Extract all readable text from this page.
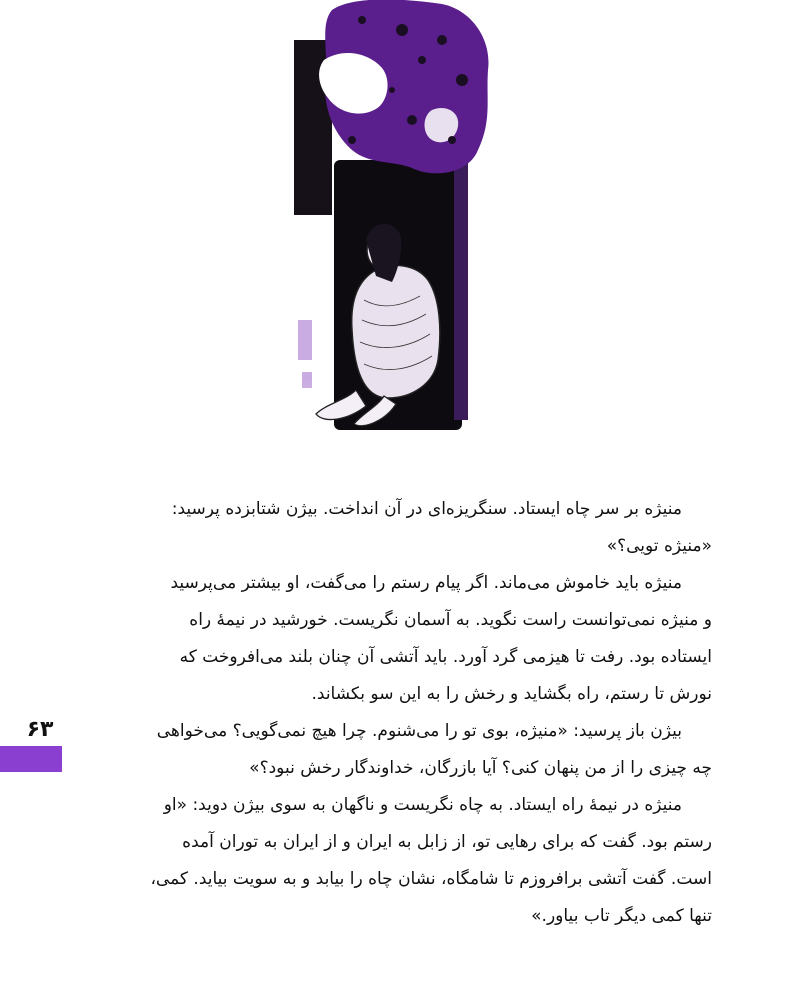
منیژه بر سر چاه ایستاد. سنگریزه‌ای در آن انداخت. بیژن شتابزده پرسید:
«منیژه تویی؟»
منیژه باید خاموش می‌ماند. اگر پیام رستم را می‌گفت، او بیشتر می‌پرسید
و منیژه نمی‌توانست راست نگوید. به آسمان نگریست. خورشید در نیمهٔ راه
ایستاده بود. رفت تا هیزمی گرد آورد. باید آتشی آن چنان بلند می‌افروخت که
نورش تا رستم، راه بگشاید و رخش را به این سو بکشاند.
بیژن باز پرسید: «منیژه، بوی تو را می‌شنوم. چرا هیچ نمی‌گویی؟ می‌خواهی
چه چیزی را از من پنهان کنی؟ آیا بازرگان، خداوندگار رخش نبود؟»
منیژه در نیمهٔ راه ایستاد. به چاه نگریست و ناگهان به سوی بیژن دوید: «او
رستم بود. گفت که برای رهایی تو، از زابل به ایران و از ایران به توران آمده
است. گفت آتشی برافروزم تا شامگاه، نشان چاه را بیابد و به سویت بیاید. کمی،
تنها کمی دیگر تاب بیاور.»
۶۳
